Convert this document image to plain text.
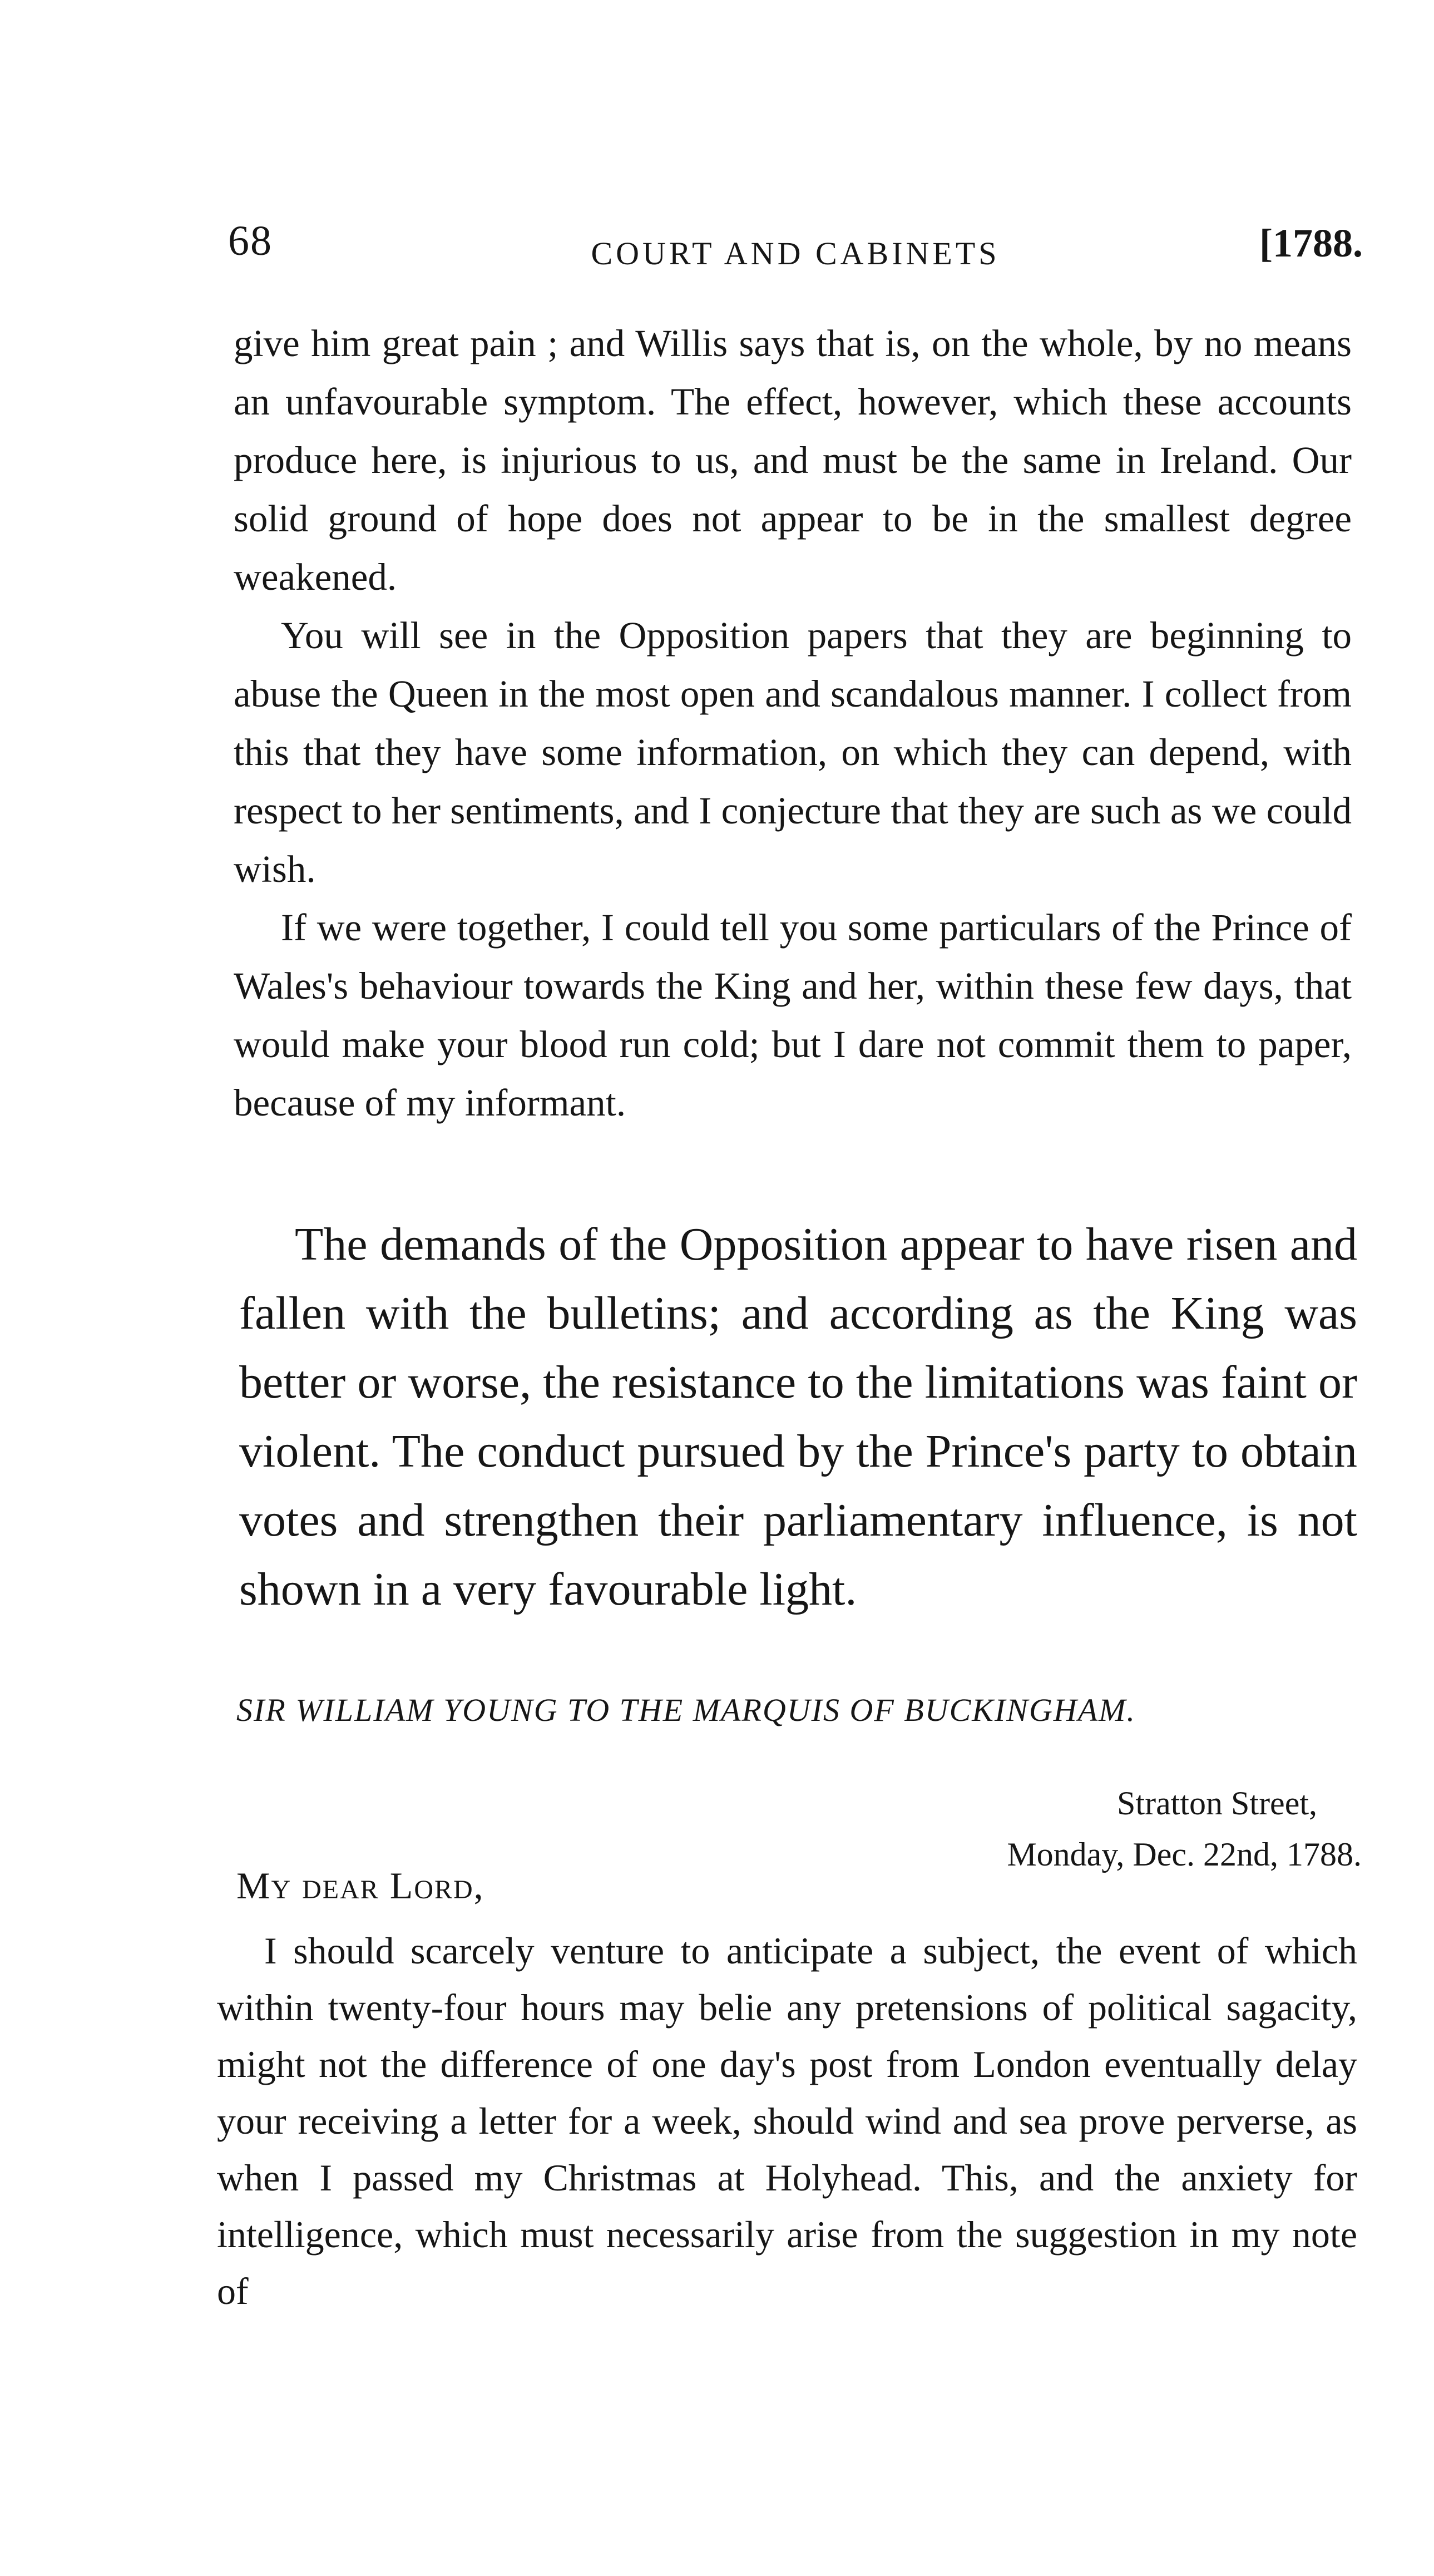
68	COURT AND CABINETS	[1788.

give him great pain ; and Willis says that is, on the whole, by no means an unfavourable symptom. The effect, however, which these accounts produce here, is injurious to us, and must be the same in Ireland. Our solid ground of hope does not appear to be in the smallest degree weakened.

You will see in the Opposition papers that they are beginning to abuse the Queen in the most open and scandalous manner. I collect from this that they have some information, on which they can depend, with respect to her sentiments, and I conjecture that they are such as we could wish.

If we were together, I could tell you some particulars of the Prince of Wales's behaviour towards the King and her, within these few days, that would make your blood run cold; but I dare not commit them to paper, because of my informant.

The demands of the Opposition appear to have risen and fallen with the bulletins; and according as the King was better or worse, the resistance to the limitations was faint or violent. The conduct pursued by the Prince's party to obtain votes and strengthen their parliamentary influence, is not shown in a very favourable light.

SIR WILLIAM YOUNG TO THE MARQUIS OF BUCKINGHAM.
Stratton Street,
Monday, Dec. 22nd, 1788.
My dear Lord,

I should scarcely venture to anticipate a subject, the event of which within twenty-four hours may belie any pretensions of political sagacity, might not the difference of one day's post from London eventually delay your receiving a letter for a week, should wind and sea prove perverse, as when I passed my Christmas at Holyhead. This, and the anxiety for intelligence, which must necessarily arise from the suggestion in my note of
